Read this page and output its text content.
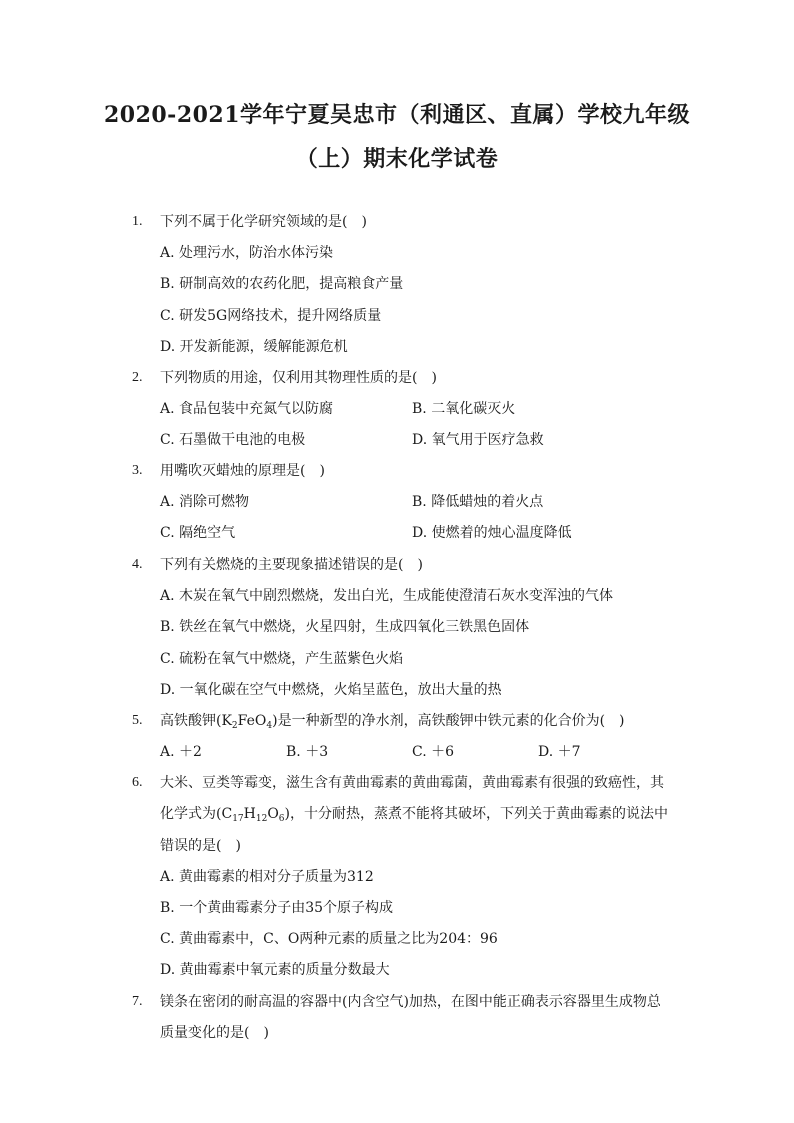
2020-2021学年宁夏吴忠市（利通区、直属）学校九年级
（上）期末化学试卷
1. 下列不属于化学研究领域的是(　)
A. 处理污水，防治水体污染
B. 研制高效的农药化肥，提高粮食产量
C. 研发5G网络技术，提升网络质量
D. 开发新能源，缓解能源危机
2. 下列物质的用途，仅利用其物理性质的是(　)
A. 食品包装中充氮气以防腐	B. 二氧化碳灭火
C. 石墨做干电池的电极	D. 氧气用于医疗急救
3. 用嘴吹灭蜡烛的原理是(　)
A. 消除可燃物	B. 降低蜡烛的着火点
C. 隔绝空气	D. 使燃着的烛心温度降低
4. 下列有关燃烧的主要现象描述错误的是(　)
A. 木炭在氧气中剧烈燃烧，发出白光，生成能使澄清石灰水变浑浊的气体
B. 铁丝在氧气中燃烧，火星四射，生成四氧化三铁黑色固体
C. 硫粉在氧气中燃烧，产生蓝紫色火焰
D. 一氧化碳在空气中燃烧，火焰呈蓝色，放出大量的热
5. 高铁酸钾$(K_2FeO_4)$是一种新型的净水剂，高铁酸钾中铁元素的化合价为(　)
A. ＋2	B. ＋3	C. ＋6	D. ＋7
6. 大米、豆类等霉变，滋生含有黄曲霉素的黄曲霉菌，黄曲霉素有很强的致癌性，其
化学式为$(C_{17}H_{12}O_6)$，十分耐热，蒸煮不能将其破坏，下列关于黄曲霉素的说法中
错误的是(　)
A. 黄曲霉素的相对分子质量为312
B. 一个黄曲霉素分子由35个原子构成
C. 黄曲霉素中，C、O两种元素的质量之比为204：96
D. 黄曲霉素中氧元素的质量分数最大
7. 镁条在密闭的耐高温的容器中(内含空气)加热，在图中能正确表示容器里生成物总
质量变化的是(　)
